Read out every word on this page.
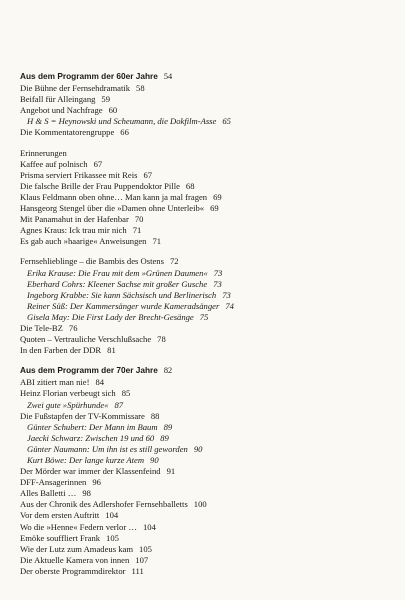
Aus dem Programm der 60er Jahre 54
Die Bühne der Fernsehdramatik 58
Beifall für Alleingang 59
Angebot und Nachfrage 60
H & S = Heynowski und Scheumann, die Dokfilm-Asse 65
Die Kommentatorengruppe 66
Erinnerungen
Kaffee auf polnisch 67
Prisma serviert Frikassee mit Reis 67
Die falsche Brille der Frau Puppendoktor Pille 68
Klaus Feldmann oben ohne… Man kann ja mal fragen 69
Hansgeorg Stengel über die »Damen ohne Unterleib« 69
Mit Panamahut in der Hafenbar 70
Agnes Kraus: Ick trau mir nich 71
Es gab auch »haarige« Anweisungen 71
Fernsehlieblinge – die Bambis des Ostens 72
Erika Krause: Die Frau mit dem »Grünen Daumen« 73
Eberhard Cohrs: Kleener Sachse mit großer Gusche 73
Ingeborg Krabbe: Sie kann Sächsisch und Berlinerisch 73
Reiner Süß: Der Kammersänger wurde Kameradsänger 74
Gisela May: Die First Lady der Brecht-Gesänge 75
Die Tele-BZ 76
Quoten – Vertrauliche Verschlußsache 78
In den Farben der DDR 81
Aus dem Programm der 70er Jahre 82
ABI zitiert man nie! 84
Heinz Florian verbeugt sich 85
Zwei gute »Spürhunde« 87
Die Fußstapfen der TV-Kommissare 88
Günter Schubert: Der Mann im Baum 89
Jaecki Schwarz: Zwischen 19 und 60 89
Günter Naumann: Um ihn ist es still geworden 90
Kurt Böwe: Der lange kurze Atem 90
Der Mörder war immer der Klassenfeind 91
DFF-Ansagerinnen 96
Alles Balletti … 98
Aus der Chronik des Adlershofer Fernsehballetts 100
Vor dem ersten Auftritt 104
Wo die »Henne« Federn verlor … 104
Emöke souffliert Frank 105
Wie der Lutz zum Amadeus kam 105
Die Aktuelle Kamera von innen 107
Der oberste Programmdirektor 111
